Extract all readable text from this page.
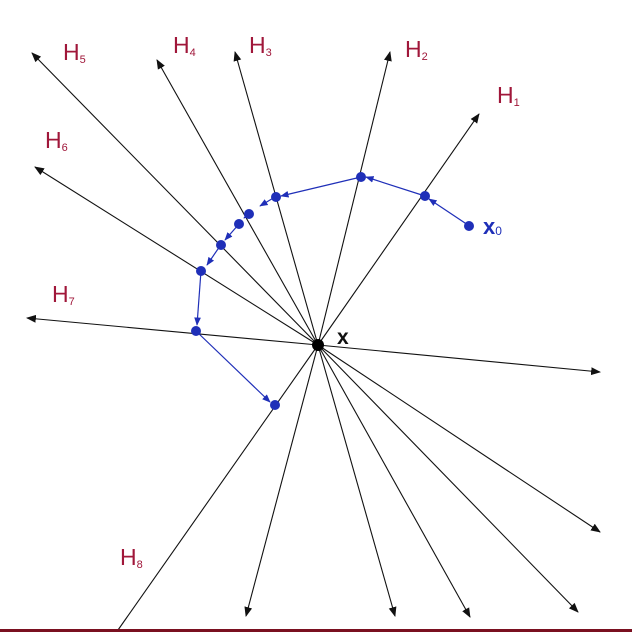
x
x0
H1
H2
H3
H4
H5
H6
H7
H8
